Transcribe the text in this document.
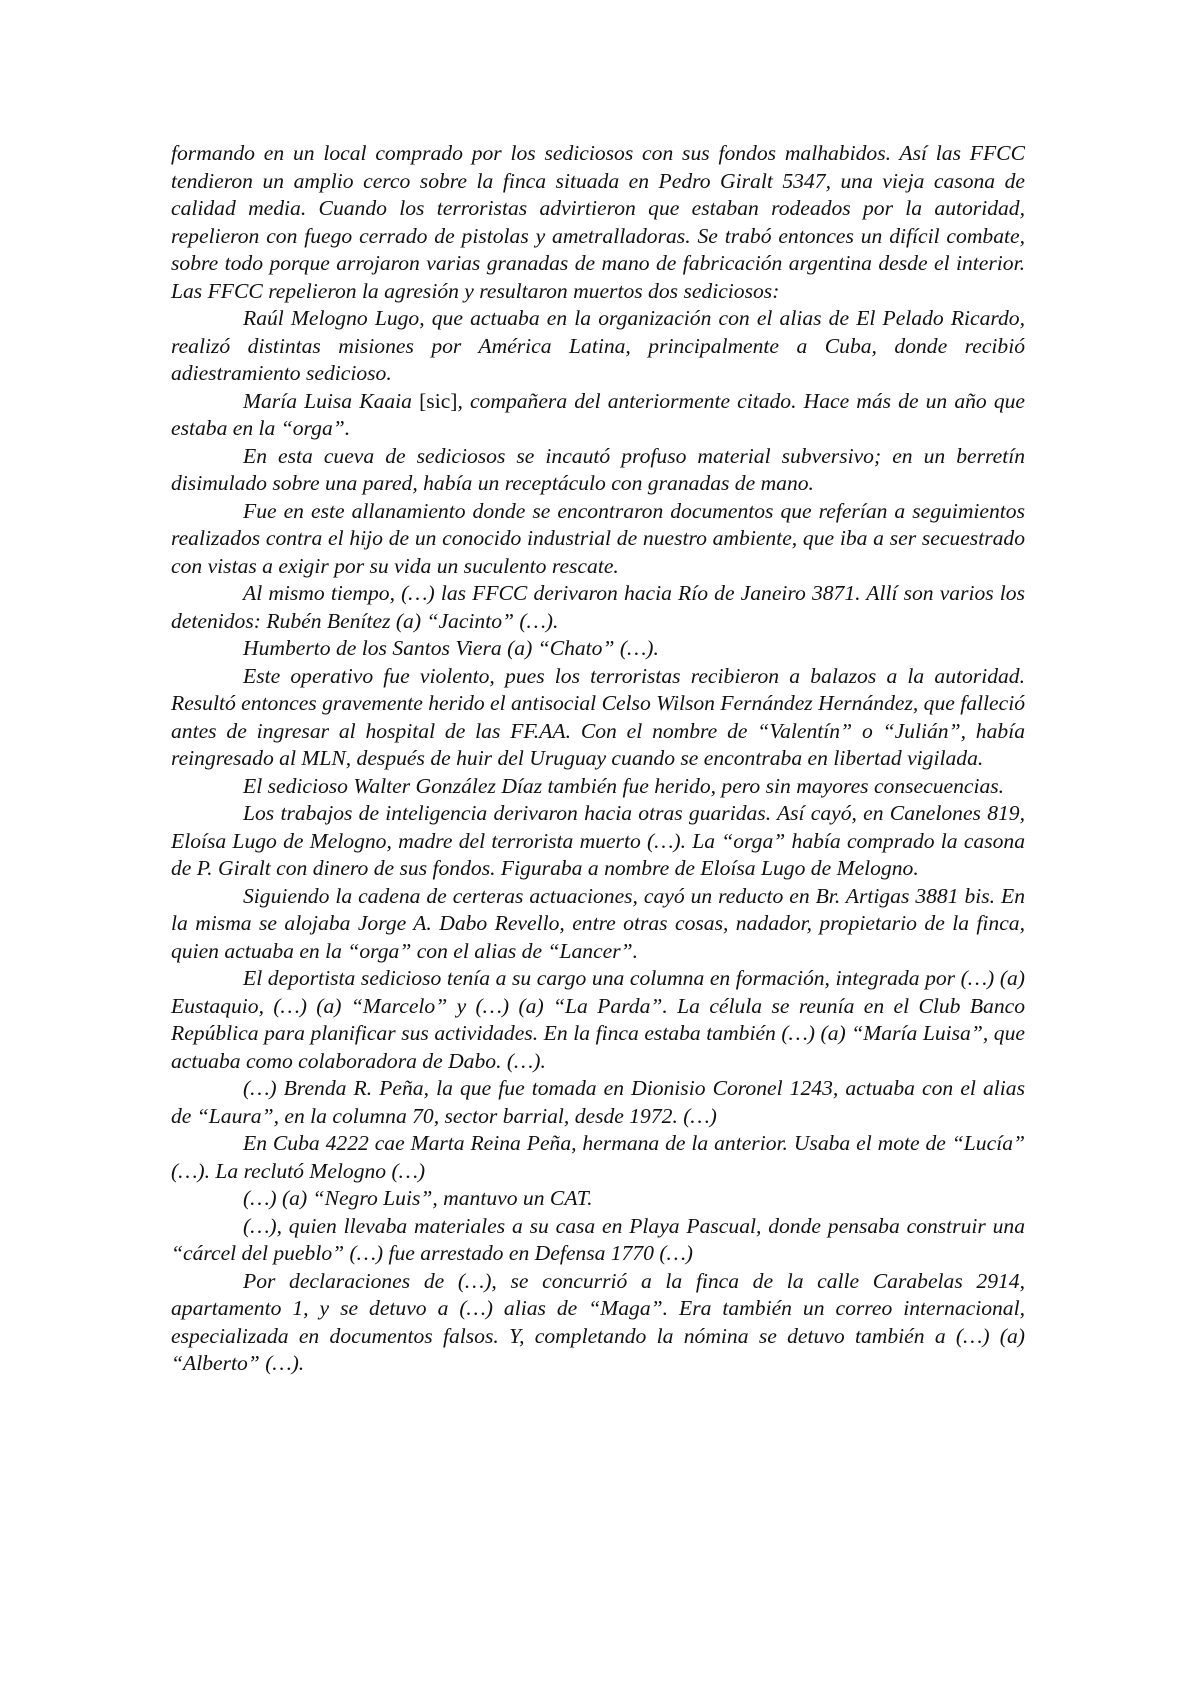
formando en un local comprado por los sediciosos con sus fondos malhabidos. Así las FFCC tendieron un amplio cerco sobre la finca situada en Pedro Giralt 5347, una vieja casona de calidad media. Cuando los terroristas advirtieron que estaban rodeados por la autoridad, repelieron con fuego cerrado de pistolas y ametralladoras. Se trabó entonces un difícil combate, sobre todo porque arrojaron varias granadas de mano de fabricación argentina desde el interior. Las FFCC repelieron la agresión y resultaron muertos dos sediciosos:

Raúl Melogno Lugo, que actuaba en la organización con el alias de El Pelado Ricardo, realizó distintas misiones por América Latina, principalmente a Cuba, donde recibió adiestramiento sedicioso.

María Luisa Kaaia [sic], compañera del anteriormente citado. Hace más de un año que estaba en la “orga”.

En esta cueva de sediciosos se incautó profuso material subversivo; en un berretín disimulado sobre una pared, había un receptáculo con granadas de mano.

Fue en este allanamiento donde se encontraron documentos que referían a seguimientos realizados contra el hijo de un conocido industrial de nuestro ambiente, que iba a ser secuestrado con vistas a exigir por su vida un suculento rescate.

Al mismo tiempo, (…) las FFCC derivaron hacia Río de Janeiro 3871. Allí son varios los detenidos: Rubén Benítez (a) “Jacinto” (…).

Humberto de los Santos Viera (a) “Chato” (…).

Este operativo fue violento, pues los terroristas recibieron a balazos a la autoridad. Resultó entonces gravemente herido el antisocial Celso Wilson Fernández Hernández, que falleció antes de ingresar al hospital de las FF.AA. Con el nombre de “Valentín” o “Julián”, había reingresado al MLN, después de huir del Uruguay cuando se encontraba en libertad vigilada.

El sedicioso Walter González Díaz también fue herido, pero sin mayores consecuencias.

Los trabajos de inteligencia derivaron hacia otras guaridas. Así cayó, en Canelones 819, Eloísa Lugo de Melogno, madre del terrorista muerto (…). La “orga” había comprado la casona de P. Giralt con dinero de sus fondos. Figuraba a nombre de Eloísa Lugo de Melogno.

Siguiendo la cadena de certeras actuaciones, cayó un reducto en Br. Artigas 3881 bis. En la misma se alojaba Jorge A. Dabo Revello, entre otras cosas, nadador, propietario de la finca, quien actuaba en la “orga” con el alias de “Lancer”.

El deportista sedicioso tenía a su cargo una columna en formación, integrada por (…) (a) Eustaquio, (…) (a) “Marcelo” y (…) (a) “La Parda”. La célula se reunía en el Club Banco República para planificar sus actividades. En la finca estaba también (…) (a) “María Luisa”, que actuaba como colaboradora de Dabo. (…).

(…) Brenda R. Peña, la que fue tomada en Dionisio Coronel 1243, actuaba con el alias de “Laura”, en la columna 70, sector barrial, desde 1972. (…)

En Cuba 4222 cae Marta Reina Peña, hermana de la anterior. Usaba el mote de “Lucía” (…). La reclutó Melogno (…)

(…) (a) “Negro Luis”, mantuvo un CAT.

(…), quien llevaba materiales a su casa en Playa Pascual, donde pensaba construir una “cárcel del pueblo” (…) fue arrestado en Defensa 1770 (…)

Por declaraciones de (…), se concurrió a la finca de la calle Carabelas 2914, apartamento 1, y se detuvo a (…) alias de “Maga”. Era también un correo internacional, especializada en documentos falsos. Y, completando la nómina se detuvo también a (…) (a) “Alberto” (…).
